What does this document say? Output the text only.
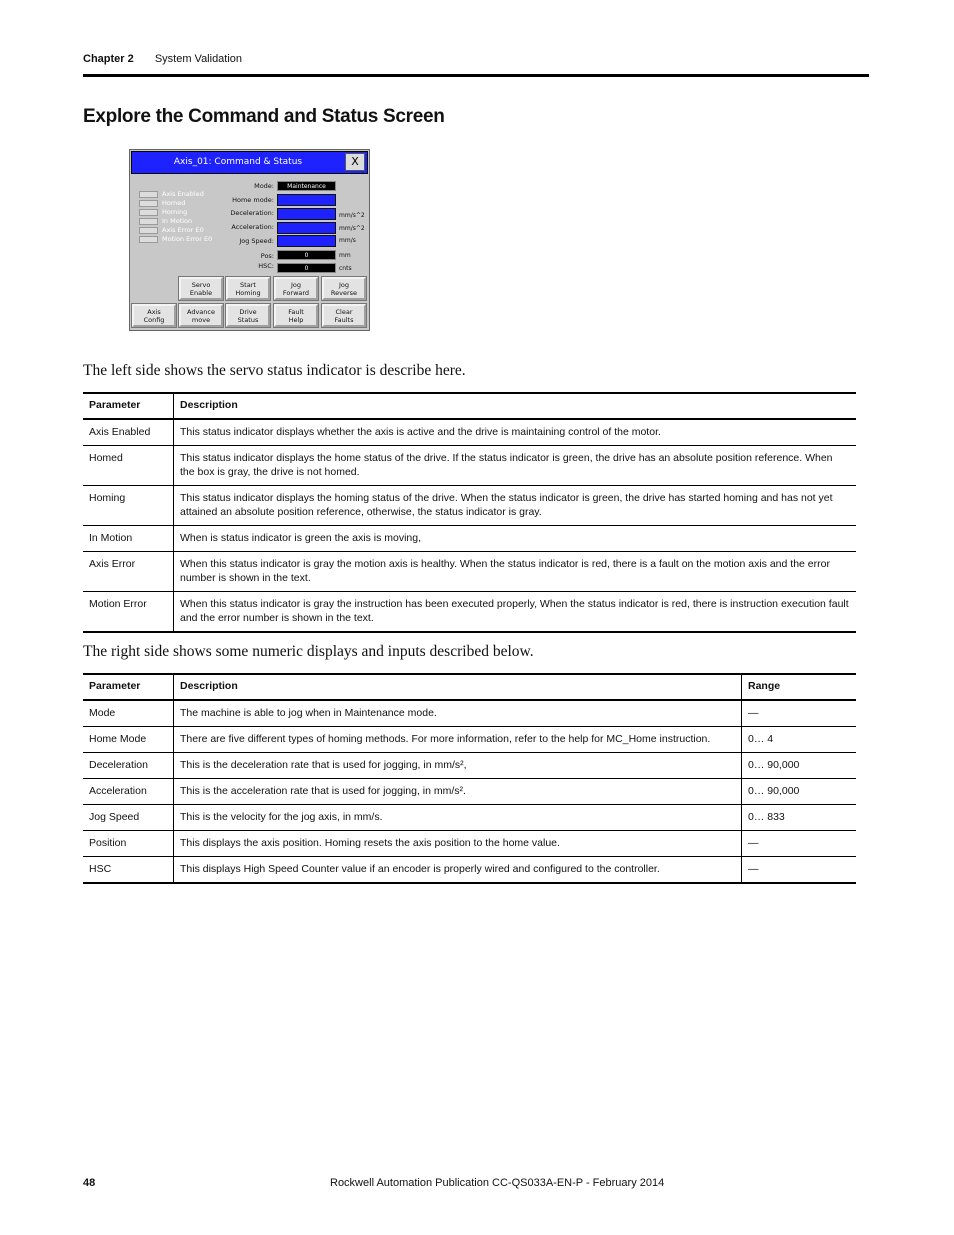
Chapter 2 System Validation
Explore the Command and Status Screen
Axis_01: Command & Status	X
Axis Enabled
Homed
Homing
In Motion
Axis Error E0
Motion Error E0
Mode:	Maintenance
Home mode:
Deceleration:	mm/s^2
Acceleration:	mm/s^2
Jog Speed:	mm/s
Pos:	0	mm
HSC:	0	cnts
Servo
Enable
Start
Homing
Jog
Forward
Jog
Reverse
Axis
Config
Advance
move
Drive
Status
Fault
Help
Clear
Faults

The left side shows the servo status indicator is describe here.

Parameter	Description
Axis Enabled	This status indicator displays whether the axis is active and the drive is maintaining control of the motor.
Homed	This status indicator displays the home status of the drive. If the status indicator is green, the drive has an absolute position reference. When the box is gray, the drive is not homed.
Homing	This status indicator displays the homing status of the drive. When the status indicator is green, the drive has started homing and has not yet attained an absolute position reference, otherwise, the status indicator is gray.
In Motion	When is status indicator is green the axis is moving,
Axis Error	When this status indicator is gray the motion axis is healthy. When the status indicator is red, there is a fault on the motion axis and the error number is shown in the text.
Motion Error	When this status indicator is gray the instruction has been executed properly, When the status indicator is red, there is instruction execution fault and the error number is shown in the text.

The right side shows some numeric displays and inputs described below.

Parameter	Description	Range
Mode	The machine is able to jog when in Maintenance mode.	—
Home Mode	There are five different types of homing methods. For more information, refer to the help for MC_Home instruction.	0… 4
Deceleration	This is the deceleration rate that is used for jogging, in mm/s²,	0… 90,000
Acceleration	This is the acceleration rate that is used for jogging, in mm/s².	0… 90,000
Jog Speed	This is the velocity for the jog axis, in mm/s.	0… 833
Position	This displays the axis position. Homing resets the axis position to the home value.	—
HSC	This displays High Speed Counter value if an encoder is properly wired and configured to the controller.	—
48	Rockwell Automation Publication CC-QS033A-EN-P - February 2014
